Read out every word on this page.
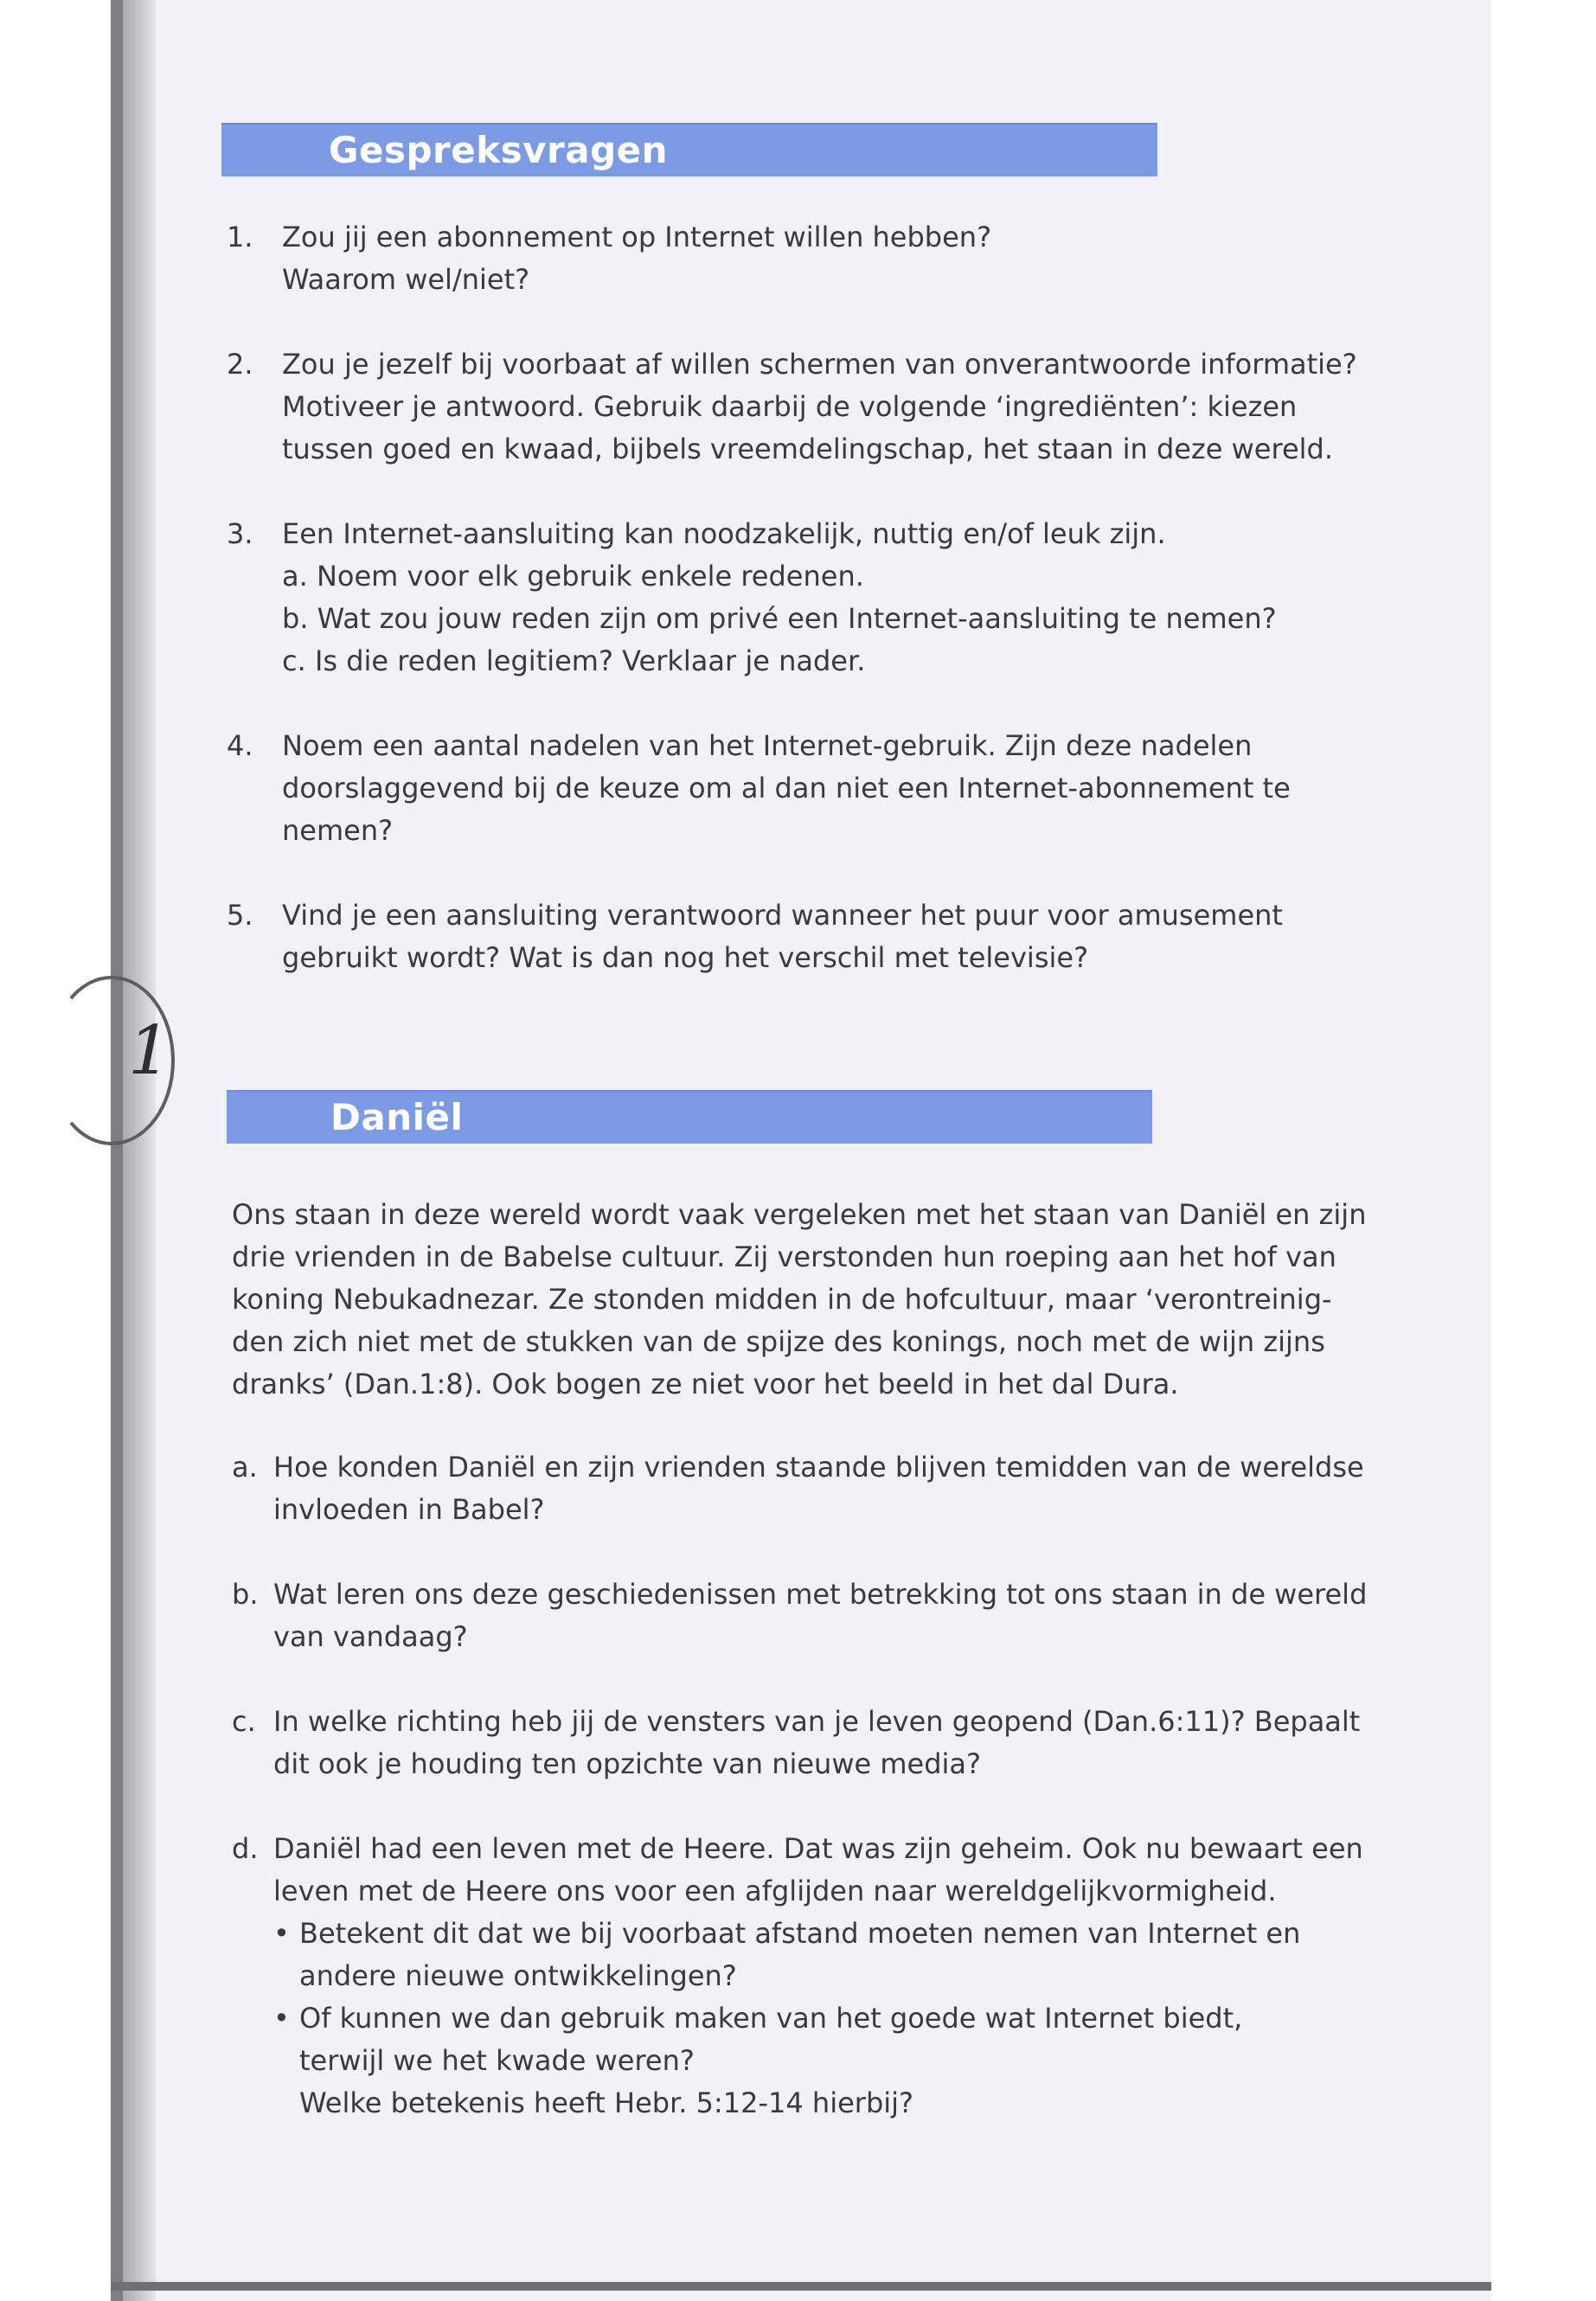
1
Gespreksvragen
1.	Zou jij een abonnement op Internet willen hebben?
Waarom wel/niet?
2.	Zou je jezelf bij voorbaat af willen schermen van onverantwoorde informatie?
Motiveer je antwoord. Gebruik daarbij de volgende ‘ingrediënten’: kiezen
tussen goed en kwaad, bijbels vreemdelingschap, het staan in deze wereld.
3.	Een Internet-aansluiting kan noodzakelijk, nuttig en/of leuk zijn.
a. Noem voor elk gebruik enkele redenen.
b. Wat zou jouw reden zijn om privé een Internet-aansluiting te nemen?
c. Is die reden legitiem? Verklaar je nader.
4.	Noem een aantal nadelen van het Internet-gebruik. Zijn deze nadelen
doorslaggevend bij de keuze om al dan niet een Internet-abonnement te
nemen?
5.	Vind je een aansluiting verantwoord wanneer het puur voor amusement
gebruikt wordt? Wat is dan nog het verschil met televisie?
Daniël
Ons staan in deze wereld wordt vaak vergeleken met het staan van Daniël en zijn
drie vrienden in de Babelse cultuur. Zij verstonden hun roeping aan het hof van
koning Nebukadnezar. Ze stonden midden in de hofcultuur, maar ‘verontreinig-
den zich niet met de stukken van de spijze des konings, noch met de wijn zijns
dranks’ (Dan.1:8). Ook bogen ze niet voor het beeld in het dal Dura.
a. Hoe konden Daniël en zijn vrienden staande blijven temidden van de wereldse
invloeden in Babel?
b. Wat leren ons deze geschiedenissen met betrekking tot ons staan in de wereld
van vandaag?
c. In welke richting heb jij de vensters van je leven geopend (Dan.6:11)? Bepaalt
dit ook je houding ten opzichte van nieuwe media?
d. Daniël had een leven met de Heere. Dat was zijn geheim. Ook nu bewaart een
leven met de Heere ons voor een afglijden naar wereldgelijkvormigheid.
• Betekent dit dat we bij voorbaat afstand moeten nemen van Internet en
andere nieuwe ontwikkelingen?
• Of kunnen we dan gebruik maken van het goede wat Internet biedt,
terwijl we het kwade weren?
Welke betekenis heeft Hebr. 5:12-14 hierbij?
